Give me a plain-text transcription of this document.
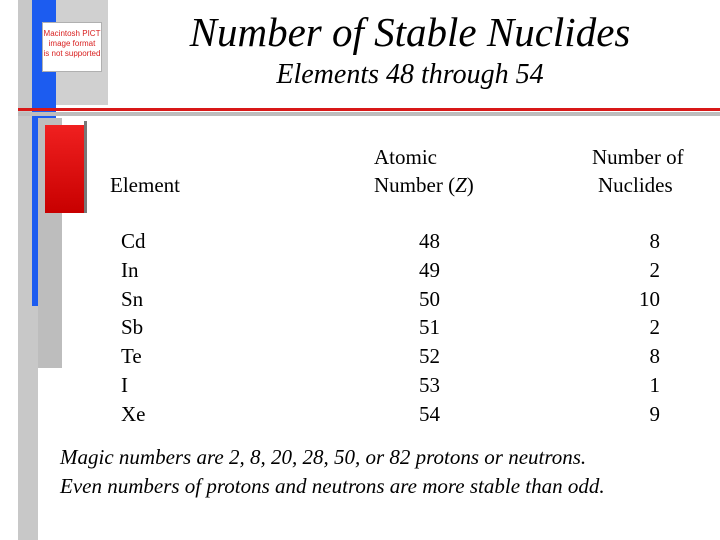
Macintosh PICT
image format
is not supported	Number of Stable Nuclides
Elements 48 through 54
Element
Atomic
Number (Z)
Number of
Nuclides
Cd
In
Sn
Sb
Te
I
Xe
48
49
50
51
52
53
54
8
2
10
2
8
1
9
Magic numbers are 2, 8, 20, 28, 50, or 82 protons or neutrons.
Even numbers of protons and neutrons are more stable than odd.
